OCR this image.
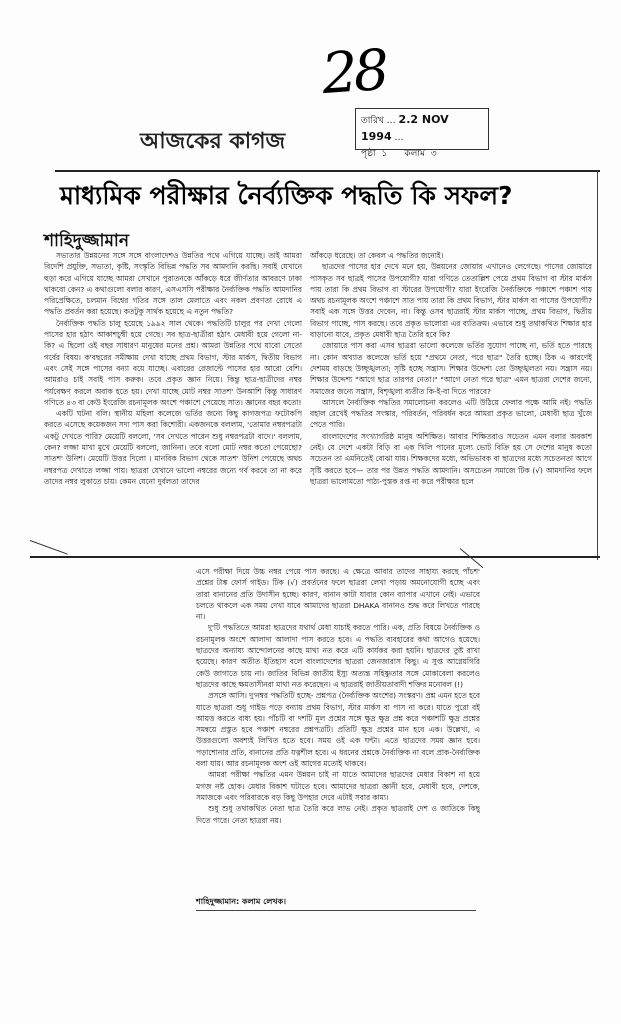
28
আজকের কাগজ
তারিখ … 2.2 NOV 1994 …
পৃষ্ঠা ১ কলাম ৩
মাধ্যমিক পরীক্ষার নৈর্ব্যক্তিক পদ্ধতি কি সফল?
শাহিদুজ্জামান

সভ্যতার উন্নয়নের সঙ্গে সঙ্গে বাংলাদেশও উন্নতির পথে এগিয়ে যাচ্ছে। তাই আমরা বিদেশি প্রযুক্তি, সভ্যতা, কৃষ্টি, সংস্কৃতি বিভিন্ন পদ্ধতি সব আমদানি করছি। সবাই যেখানে হুড়া করে এগিয়ে যাচ্ছে আমরা সেখানে পুরাতনকে আঁকড়ে ধরে জীর্ণতার আবরণে ঢাকা থাকবো কেন? এ কথাগুলো বলার কারণ, এসএসসি পরীক্ষার নৈর্ব্যক্তিক পদ্ধতি আমদানির পরিপ্রেক্ষিতে, চলমান বিশ্বের গতির সঙ্গে তাল মেলাতে এবং নকল প্রবণতা রোধে এ পদ্ধতি প্রবর্তন করা হয়েছে। কতটুকু সার্থক হয়েছে এ নতুন পদ্ধতি?

নৈর্ব্যক্তিক পদ্ধতি চালু হয়েছে ১৯৯২ সাল থেকে। পদ্ধতিটি চালুর পর দেখা গেলো পাসের হার হঠাৎ আকাশচুম্বী হয়ে গেছে। সব ছাত্র-ছাত্রীরা হঠাৎ মেধাবী হয়ে গেলো না-কি? এ ছিলো ওই বছর সাধারণ মানুষের মনের প্রশ্ন। আমরা উন্নতির পথে যাবো সেতো গর্বের বিষয়। ক'বছরের সমীক্ষায় দেখা যাচ্ছে প্রথম বিভাগ, স্টার মার্কস, দ্বিতীয় বিভাগ এবং সেই সঙ্গে পাসের বন্যা বয়ে যাচ্ছে। এবারের রেজাল্টে পাসের হার আরো বেশি। আমরাও চাই সবাই পাস করুক। তবে প্রকৃত জ্ঞান নিয়ে। কিন্তু ছাত্র-ছাত্রীদের নম্বর পর্যবেক্ষণ করলে অবাক হতে হয়। দেখা যাচ্ছে মোট নম্বর সাতশ' উনআশি কিন্তু সাধারণ গণিতে ৪৩ বা কেউ ইংরেজি রচনামূলক অংশে পঞ্চাশে পেয়েছে সাত। জ্ঞানের বহর কতো!

একটি ঘটনা বলি। স্থানীয় মহিলা কলেজে ভর্তির জন্যে কিছু কাগজপত্র ফটোকপি করতে এসেছে কয়েকজন সদ্য পাস করা কিশোরী। একজনকে বললাম, 'তোমার নম্বরপত্রটা একটু দেখতে পারি? মেয়েটি বললো, 'সব দেখতে পারেন শুধু নম্বরপত্রটা বাদে।' বললাম, কেন? লজ্জা মাখা মুখে মেয়েটি বললো, জানিনা। তবে বলো মোট নম্বর কতো পেয়েছো? সাতশ' উনিশ। মেয়েটি উত্তর দিলো । মানবিক বিভাগ থেকে সাতশ' উনিশ পেয়েছে অথচ নম্বরপত্র দেখাতে লজ্জা পায়। ছাত্ররা যেখানে ভালো নম্বরের জন্যে গর্ব করবে তা না করে তাদের নম্বর লুকাতে চায়। কেমন যেনো দুর্বলতা তাদের

আঁকড়ে ধরেছে। তা কেবল এ পদ্ধতির জন্যেই।

ছাত্রদের পাসের হার দেখে মনে হয়, উন্নয়নের জোয়ার এখানেও লেগেছে। পাসের জোয়ারে পাসকৃত সব ছাত্রই পাসের উপযোগী? যারা গণিতে তেতাল্লিশ পেয়ে প্রথম বিভাগ বা স্টার মার্কস পায় তারা কি প্রথম বিভাগ বা স্টারের উপযোগী? যারা ইংরেজি নৈর্ব্যক্তিকে পঞ্চাশে পঞ্চাশ পায় অথচ রচনামূলক অংশে পঞ্চাশে সাত পায় তারা কি প্রথম বিভাগ, স্টার মার্কস বা পাসের উপযোগী? সবাই এক সঙ্গে উত্তর দেবেন, না। কিন্তু ওসব ছাত্ররাই স্টার মার্কস পাচ্ছে, প্রথম বিভাগ, দ্বিতীয় বিভাগ পাচ্ছে, পাস করছে। তবে প্রকৃত ভালোরা এর ব্যতিক্রম। এভাবে শুধু তথাকথিত শিক্ষার হার বাড়ানো যাবে, প্রকৃত মেধাবী ছাত্র তৈরি হবে কি?

জোয়ারে পাস করা এসব ছাত্ররা ভালো কলেজে ভর্তির সুযোগ পাচ্ছে না, ভর্তি হতে পারছে না। কোন অখ্যাত কলেজে ভর্তি হয়ে "প্রথমে নেতা, পরে ছাত্র" তৈরি হচ্ছে। ঠিক এ কারণেই দেশময় বাড়ছে উচ্ছৃঙ্খলতা; সৃষ্টি হচ্ছে সন্ত্রাস। শিক্ষার উদ্দেশ্য তো উচ্ছৃঙ্খলতা নয়। সন্ত্রাস নয়। শিক্ষার উদ্দেশ্য "আগে ছাত্র তারপর নেতা।" "আগে নেতা পরে ছাত্র" এমন ছাত্ররা দেশের জন্যে, সমাজের জন্যে সন্ত্রাস, বিশৃঙ্খলা ব্যতীত কি-ই-বা দিতে পারবে?

আসলে নৈর্ব্যক্তিক পদ্ধতির সমালোচনা করলেও এটি উঠিয়ে ফেলার পক্ষে আমি নই। পদ্ধতি বহাল রেখেই পদ্ধতির সংস্কার, পরিবর্তন, পরিবর্ধন করে আমরা প্রকৃত ভালো, মেধাবী ছাত্র খুঁজে পেতে পারি।

বাংলাদেশের সংখ্যাগরিষ্ঠ মানুষ অশিক্ষিত। আবার শিক্ষিতরাও সচেতন এমন বলার অবকাশ নেই। যে দেশে একটা বিড়ি বা এক খিলি পানের মূল্যে ভোট বিক্রি হয় সে দেশের মানুষ কতো সচেতন তা এমনিতেই বোঝা যায়। শিক্ষকদের মধ্যে, অভিভাবক বা ছাত্রদের মধ্যে সচেতনতা আগে সৃষ্টি করতে হবে— তার পর উন্নত পদ্ধতি আমদানি। অসচেতন সমাজে টিক (√) আমদানির ফলে ছাত্ররা ভালোমতো পাঠ্য-পুস্তক রপ্ত না করে পরীক্ষার হলে

এসে পরীক্ষা দিয়ে উচ্চ নম্বর পেয়ে পাস করছে। এ ক্ষেত্রে আবার তাদের সাহায্য করছে পাঁচশ' প্রশ্নের টাঙ্ক ফোর্স গাইড। টিক (√) প্রবর্তনের ফলে ছাত্ররা লেখা পড়ায় অমনোযোগী হচ্ছে এবং তারা বানানের প্রতি উদাসীন হচ্ছে। কারণ, বানান কাটা যাবার কোন ব্যাপার এখানে নেই। এভাবে চলতে থাকলে এক সময় দেখা যাবে আমাদের ছাত্ররা DHAKA বানানও শুদ্ধ করে লিখতে পারছে না।

দু'টি পদ্ধতিতে আমরা ছাত্রদের যথার্থ মেধা যাচাই করতে পারি। এক, প্রতি বিষয়ে নৈর্ব্যক্তিক ও রচনামূলক অংশে আলাদা আলাদা পাস করতে হবে। এ পদ্ধতি ব্যবহারের কথা আগেও হয়েছে। ছাত্রদের অন্যায্য আন্দোলনের কাছে মাথা নত করে এটি কার্যকর করা হয়নি। ছাত্রদের তুষ্ট রাখা হয়েছে। কারণ অতীত ইতিহাস বলে বাংলাদেশের ছাত্ররা জেনজারাস কিছু। এ সুপ্ত আগ্নেয়গিরি কেউ জাগাতে চায় না। জাতির বিভিন্ন জাতীয় ইস্যু অত্যন্ত সহিষ্ণুতার সঙ্গে মোকাবেলা করলেও ছাত্রদের কাছে ক্ষমতাসীনরা মাথা নত করেছেন। এ ছাত্ররাই জাতীয়তাবাদী শক্তির মনোবল (!)

প্রসঙ্গে আসি। দু'নম্বর পদ্ধতিটি হচ্ছে- প্রশ্নপত্র (নৈর্ব্যক্তিক অংশের) সংস্করণ। প্রশ্ন এমন হতে হবে যাতে ছাত্ররা শুধু গাইড পড়ে বন্যায় প্রথম বিভাগ, স্টার মার্কস বা পাস না করে। যাতে পুরো বই আয়ত্ত করতে বাধ্য হয়। পাঁচটি বা দশটি মূল প্রশ্নের সঙ্গে ক্ষুদ্র ক্ষুদ্র প্রশ্ন করে পঞ্চাশটি ক্ষুদ্র প্রশ্নের সমন্বয়ে প্রস্তুত হবে পঞ্চাশ নম্বরের প্রশ্নপত্রটি। প্রতিটি ক্ষুদ্র প্রশ্নের মান হবে এক। উল্লেখ্য, এ উত্তরগুলো অবশ্যই লিখিত হতে হবে। সময় ওই এক ঘন্টা। এতে ছাত্রদের সময় জ্ঞান হবে। পড়াশোনার প্রতি, বানানের প্রতি যত্নশীল হবে। এ ধরনের প্রশ্নকে নৈর্ব্যক্তিক না বলে প্রাক-নৈর্ব্যক্তিক বলা যায়। আর রচনামূলক অংশ ওই আগের মতোই থাকবে।

আমরা পরীক্ষা পদ্ধতির এমন উন্নয়ন চাই না যাতে আমাদের ছাত্রদের মেধার বিকাশ না হয়ে মগজ নষ্ট হোক। মেধার বিকাশ ঘটাতে হবে। আমাদের ছাত্ররা জ্ঞানী হবে, মেধাবী হবে, দেশকে, সমাজকে এবং পরিবারকে বড় কিছু উপহার দেবে এটাই সবার কাম্য।

শুধু শুধু তথাকথিত নেতা ছাত্র তৈরি করে লাভ নেই। প্রকৃত ছাত্ররাই দেশ ও জাতিকে কিছু দিতে পারে। নেতা ছাত্ররা নয়।

শাহিদুজ্জামান: কলাম লেখক।
